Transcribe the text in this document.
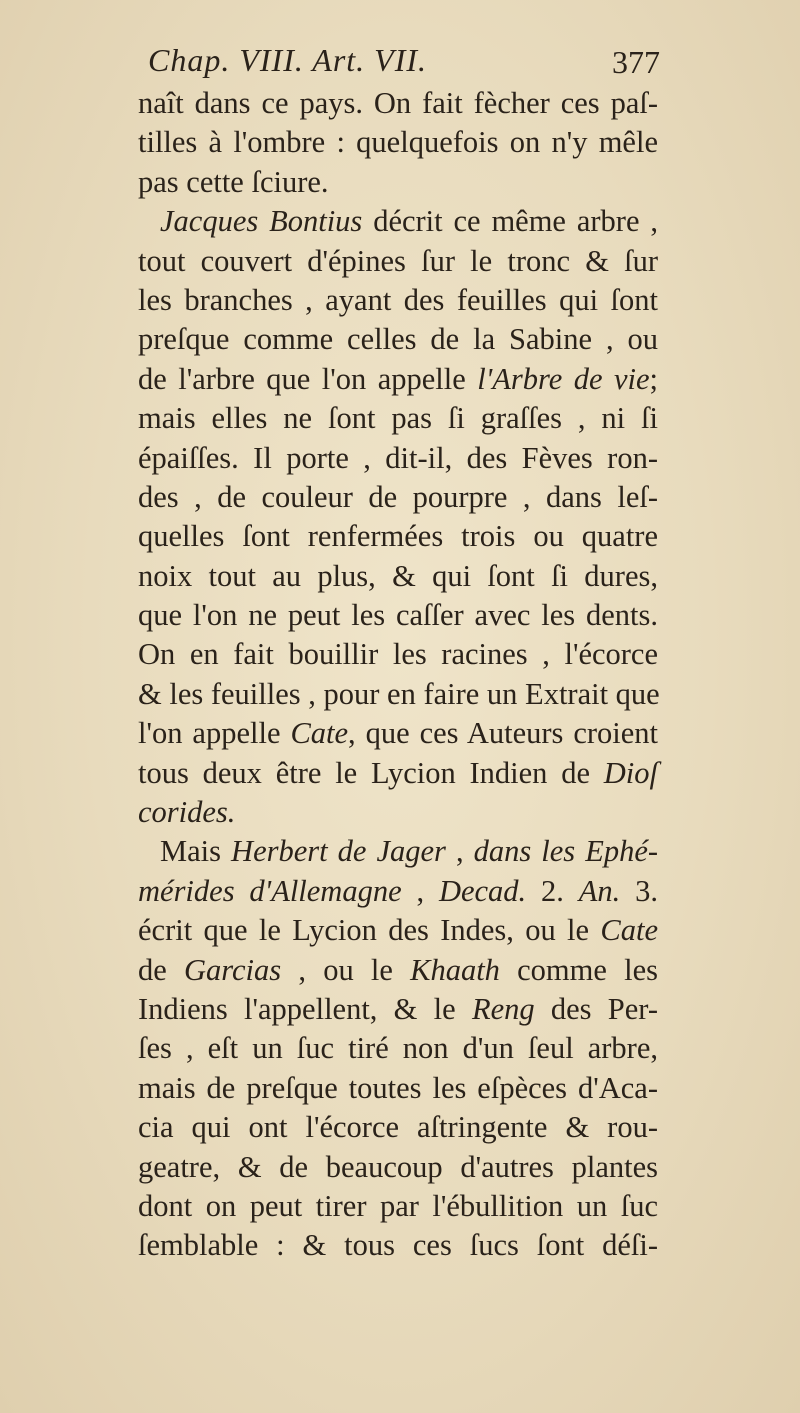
Chap. VIII. Art. VII.	377
naît dans ce pays. On fait fècher ces paſ-
tilles à l'ombre : quelquefois on n'y mêle
pas cette ſciure.
Jacques Bontius décrit ce même arbre ,
tout couvert d'épines ſur le tronc & ſur
les branches , ayant des feuilles qui ſont
preſque comme celles de la Sabine , ou
de l'arbre que l'on appelle l'Arbre de vie;
mais elles ne ſont pas ſi graſſes , ni ſi
épaiſſes. Il porte , dit-il, des Fèves ron-
des , de couleur de pourpre , dans leſ-
quelles ſont renfermées trois ou quatre
noix tout au plus, & qui ſont ſi dures,
que l'on ne peut les caſſer avec les dents.
On en fait bouillir les racines , l'écorce
& les feuilles , pour en faire un Extrait que
l'on appelle Cate, que ces Auteurs croient
tous deux être le Lycion Indien de Dioſ
corides.
Mais Herbert de Jager , dans les Ephé-
mérides d'Allemagne , Decad. 2. An. 3.
écrit que le Lycion des Indes, ou le Cate
de Garcias , ou le Khaath comme les
Indiens l'appellent, & le Reng des Per-
ſes , eſt un ſuc tiré non d'un ſeul arbre,
mais de preſque toutes les eſpèces d'Aca-
cia qui ont l'écorce aſtringente & rou-
geatre, & de beaucoup d'autres plantes
dont on peut tirer par l'ébullition un ſuc
ſemblable : & tous ces ſucs ſont déſi-
